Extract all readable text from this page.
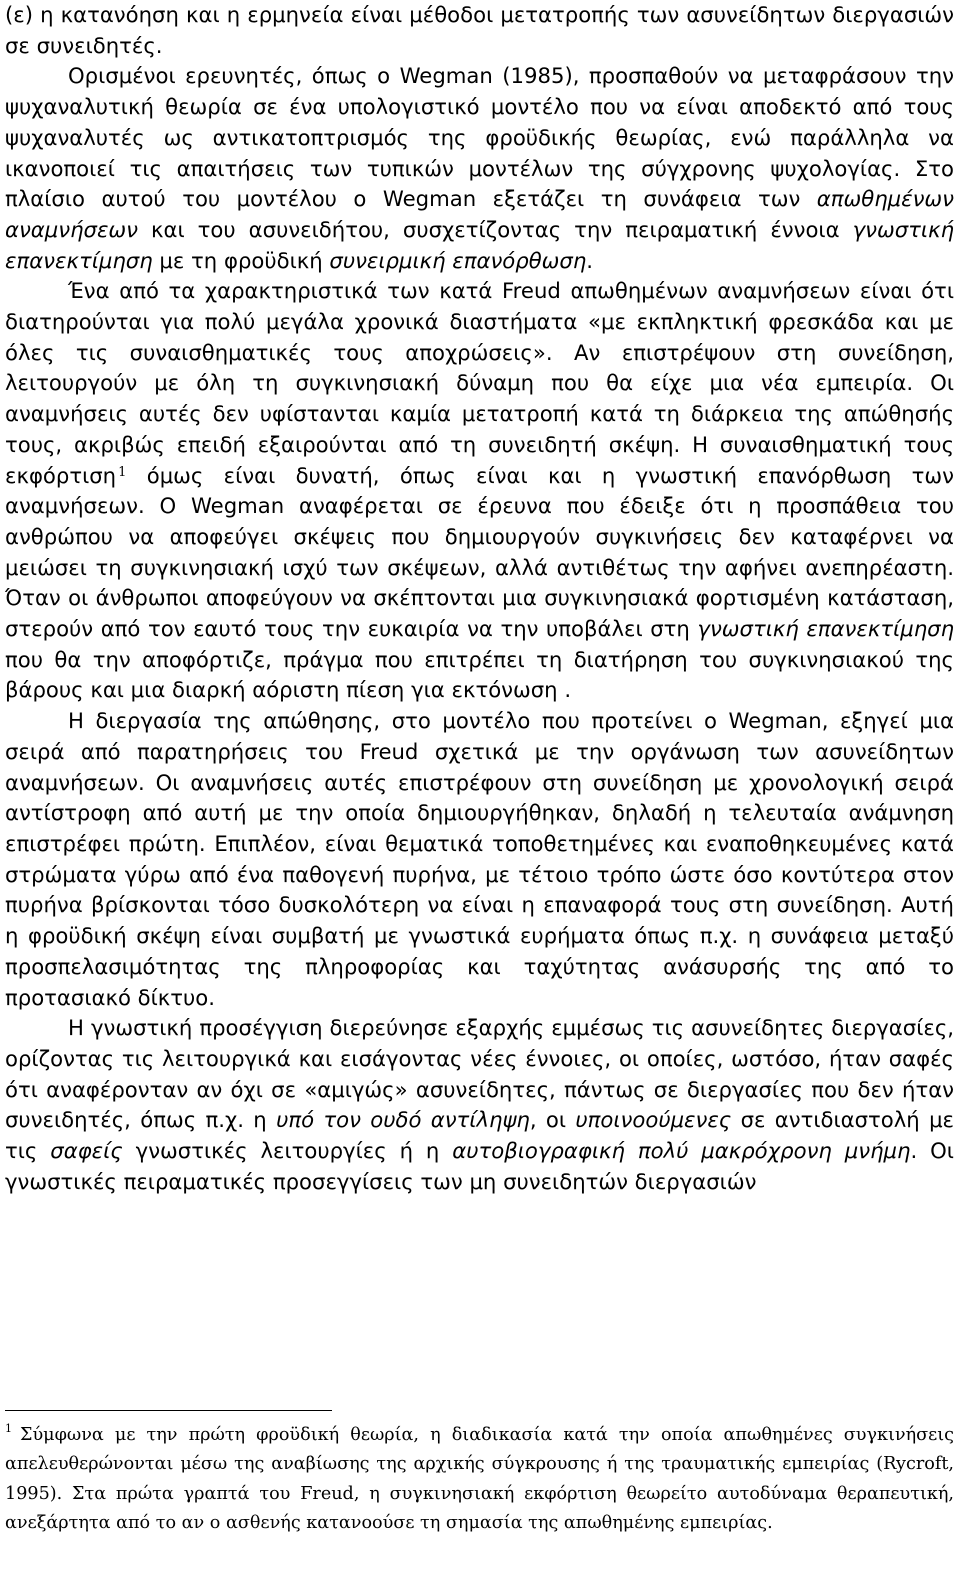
(ε) η κατανόηση και η ερμηνεία είναι μέθοδοι μετατροπής των ασυνείδητων διεργασιών σε συνειδητές.

Ορισμένοι ερευνητές, όπως ο Wegman (1985), προσπαθούν να μεταφράσουν την ψυχαναλυτική θεωρία σε ένα υπολογιστικό μοντέλο που να είναι αποδεκτό από τους ψυχαναλυτές ως αντικατοπτρισμός της φροϋδικής θεωρίας, ενώ παράλληλα να ικανοποιεί τις απαιτήσεις των τυπικών μοντέλων της σύγχρονης ψυχολογίας. Στο πλαίσιο αυτού του μοντέλου ο Wegman εξετάζει τη συνάφεια των απωθημένων αναμνήσεων και του ασυνειδήτου, συσχετίζοντας την πειραματική έννοια γνωστική επανεκτίμηση με τη φροϋδική συνειρμική επανόρθωση.

Ένα από τα χαρακτηριστικά των κατά Freud απωθημένων αναμνήσεων είναι ότι διατηρούνται για πολύ μεγάλα χρονικά διαστήματα «με εκπληκτική φρεσκάδα και με όλες τις συναισθηματικές τους αποχρώσεις». Αν επιστρέψουν στη συνείδηση, λειτουργούν με όλη τη συγκινησιακή δύναμη που θα είχε μια νέα εμπειρία. Οι αναμνήσεις αυτές δεν υφίστανται καμία μετατροπή κατά τη διάρκεια της απώθησής τους, ακριβώς επειδή εξαιρούνται από τη συνειδητή σκέψη. Η συναισθηματική τους εκφόρτιση $^1$ όμως είναι δυνατή, όπως είναι και η γνωστική επανόρθωση των αναμνήσεων. Ο Wegman αναφέρεται σε έρευνα που έδειξε ότι η προσπάθεια του ανθρώπου να αποφεύγει σκέψεις που δημιουργούν συγκινήσεις δεν καταφέρνει να μειώσει τη συγκινησιακή ισχύ των σκέψεων, αλλά αντιθέτως την αφήνει ανεπηρέαστη. Όταν οι άνθρωποι αποφεύγουν να σκέπτονται μια συγκινησιακά φορτισμένη κατάσταση, στερούν από τον εαυτό τους την ευκαιρία να την υποβάλει στη γνωστική επανεκτίμηση που θα την αποφόρτιζε, πράγμα που επιτρέπει τη διατήρηση του συγκινησιακού της βάρους και μια διαρκή αόριστη πίεση για εκτόνωση .

Η διεργασία της απώθησης, στο μοντέλο που προτείνει ο Wegman, εξηγεί μια σειρά από παρατηρήσεις του Freud σχετικά με την οργάνωση των ασυνείδητων αναμνήσεων. Οι αναμνήσεις αυτές επιστρέφουν στη συνείδηση με χρονολογική σειρά αντίστροφη από αυτή με την οποία δημιουργήθηκαν, δηλαδή η τελευταία ανάμνηση επιστρέφει πρώτη. Επιπλέον, είναι θεματικά τοποθετημένες και εναποθηκευμένες κατά στρώματα γύρω από ένα παθογενή πυρήνα, με τέτοιο τρόπο ώστε όσο κοντύτερα στον πυρήνα βρίσκονται τόσο δυσκολότερη να είναι η επαναφορά τους στη συνείδηση. Αυτή η φροϋδική σκέψη είναι συμβατή με γνωστικά ευρήματα όπως π.χ. η συνάφεια μεταξύ προσπελασιμότητας της πληροφορίας και ταχύτητας ανάσυρσής της από το προτασιακό δίκτυο.

Η γνωστική προσέγγιση διερεύνησε εξαρχής εμμέσως τις ασυνείδητες διεργασίες, ορίζοντας τις λειτουργικά και εισάγοντας νέες έννοιες, οι οποίες, ωστόσο, ήταν σαφές ότι αναφέρονταν αν όχι σε «αμιγώς» ασυνείδητες, πάντως σε διεργασίες που δεν ήταν συνειδητές, όπως π.χ. η υπό τον ουδό αντίληψη, οι υποινοούμενες σε αντιδιαστολή με τις σαφείς γνωστικές λειτουργίες ή η αυτοβιογραφική πολύ μακρόχρονη μνήμη. Οι γνωστικές πειραματικές προσεγγίσεις των μη συνειδητών διεργασιών

$^1$ Σύμφωνα με την πρώτη φροϋδική θεωρία, η διαδικασία κατά την οποία απωθημένες συγκινήσεις απελευθερώνονται μέσω της αναβίωσης της αρχικής σύγκρουσης ή της τραυματικής εμπειρίας (Rycroft, 1995). Στα πρώτα γραπτά του Freud, η συγκινησιακή εκφόρτιση θεωρείτο αυτοδύναμα θεραπευτική, ανεξάρτητα από το αν ο ασθενής κατανοούσε τη σημασία της απωθημένης εμπειρίας.
